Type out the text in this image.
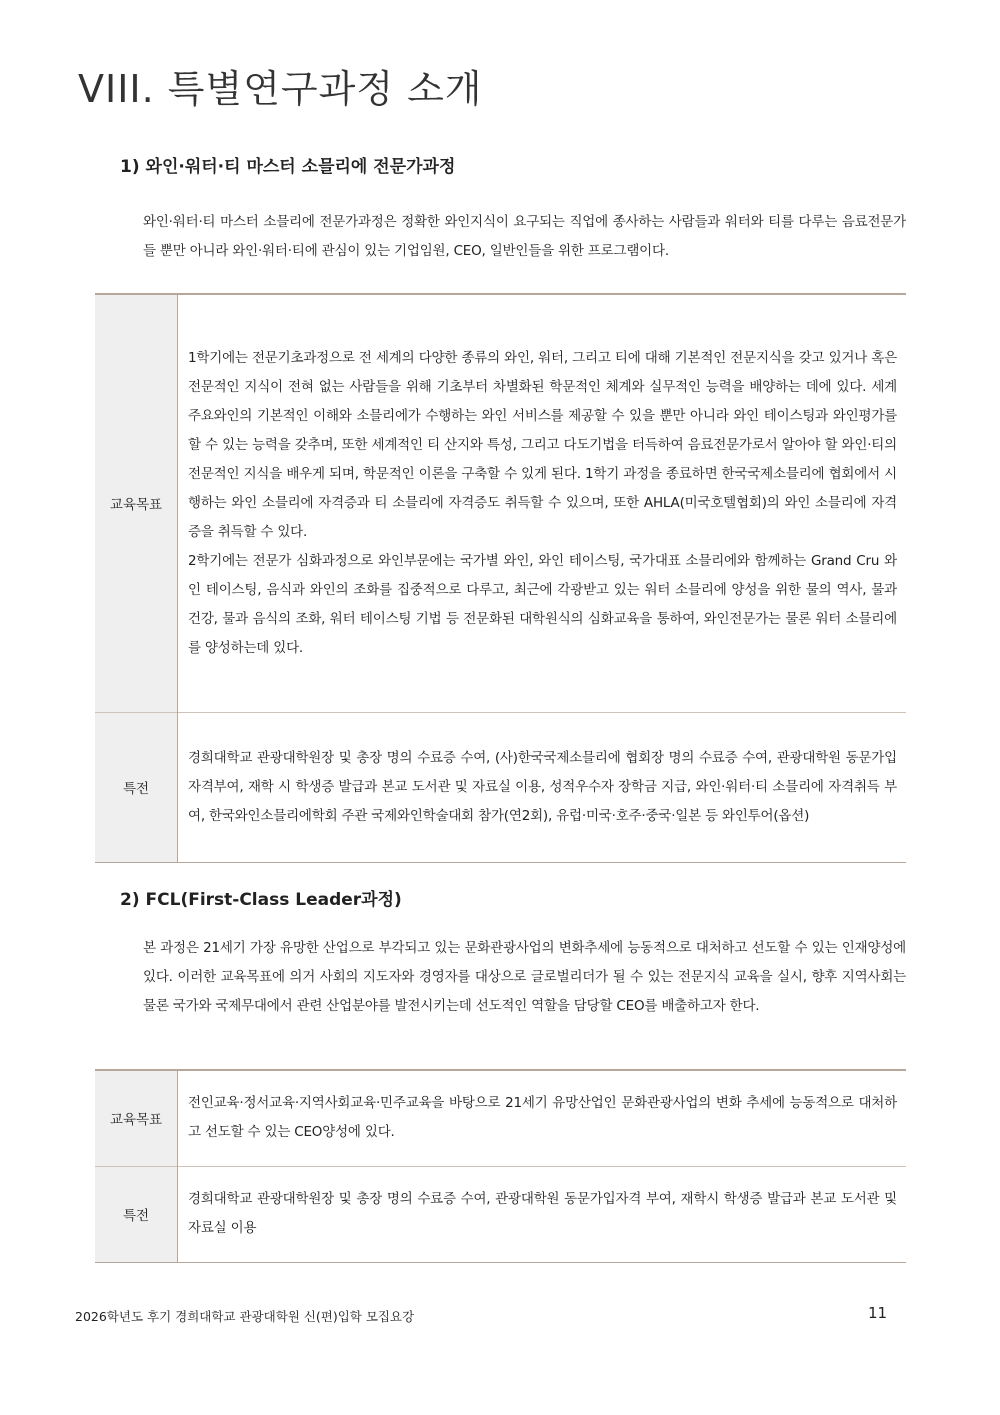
VIII. 특별연구과정 소개
1) 와인·워터·티 마스터 소믈리에 전문가과정

와인·워터·티 마스터 소믈리에 전문가과정은 정확한 와인지식이 요구되는 직업에 종사하는 사람들과 워터와 티를 다루는 음료전문가들 뿐만 아니라 와인·워터·티에 관심이 있는 기업임원, CEO, 일반인들을 위한 프로그램이다.

교육목표	1학기에는 전문기초과정으로 전 세계의 다양한 종류의 와인, 워터, 그리고 티에 대해 기본적인 전문지식을 갖고 있거나 혹은 전문적인 지식이 전혀 없는 사람들을 위해 기초부터 차별화된 학문적인 체계와 실무적인 능력을 배양하는 데에 있다. 세계 주요와인의 기본적인 이해와 소믈리에가 수행하는 와인 서비스를 제공할 수 있을 뿐만 아니라 와인 테이스팅과 와인평가를 할 수 있는 능력을 갖추며, 또한 세계적인 티 산지와 특성, 그리고 다도기법을 터득하여 음료전문가로서 알아야 할 와인·티의 전문적인 지식을 배우게 되며, 학문적인 이론을 구축할 수 있게 된다. 1학기 과정을 종료하면 한국국제소믈리에 협회에서 시행하는 와인 소믈리에 자격증과 티 소믈리에 자격증도 취득할 수 있으며, 또한 AHLA(미국호텔협회)의 와인 소믈리에 자격증을 취득할 수 있다.

2학기에는 전문가 심화과정으로 와인부문에는 국가별 와인, 와인 테이스팅, 국가대표 소믈리에와 함께하는 Grand Cru 와인 테이스팅, 음식과 와인의 조화를 집중적으로 다루고, 최근에 각광받고 있는 워터 소믈리에 양성을 위한 물의 역사, 물과 건강, 물과 음식의 조화, 워터 테이스팅 기법 등 전문화된 대학원식의 심화교육을 통하여, 와인전문가는 물론 워터 소믈리에를 양성하는데 있다.

특전	경희대학교 관광대학원장 및 총장 명의 수료증 수여, (사)한국국제소믈리에 협회장 명의 수료증 수여, 관광대학원 동문가입 자격부여, 재학 시 학생증 발급과 본교 도서관 및 자료실 이용, 성적우수자 장학금 지급, 와인·워터·티 소믈리에 자격취득 부여, 한국와인소믈리에학회 주관 국제와인학술대회 참가(연2회), 유럽·미국·호주·중국·일본 등 와인투어(옵션)

2) FCL(First-Class Leader과정)

본 과정은 21세기 가장 유망한 산업으로 부각되고 있는 문화관광사업의 변화추세에 능동적으로 대처하고 선도할 수 있는 인재양성에 있다. 이러한 교육목표에 의거 사회의 지도자와 경영자를 대상으로 글로벌리더가 될 수 있는 전문지식 교육을 실시, 향후 지역사회는 물론 국가와 국제무대에서 관련 산업분야를 발전시키는데 선도적인 역할을 담당할 CEO를 배출하고자 한다.

교육목표	전인교육·정서교육·지역사회교육·민주교육을 바탕으로 21세기 유망산업인 문화관광사업의 변화 추세에 능동적으로 대처하고 선도할 수 있는 CEO양성에 있다.

특전	경희대학교 관광대학원장 및 총장 명의 수료증 수여, 관광대학원 동문가입자격 부여, 재학시 학생증 발급과 본교 도서관 및 자료실 이용

2026학년도 후기 경희대학교 관광대학원 신(편)입학 모집요강	11
